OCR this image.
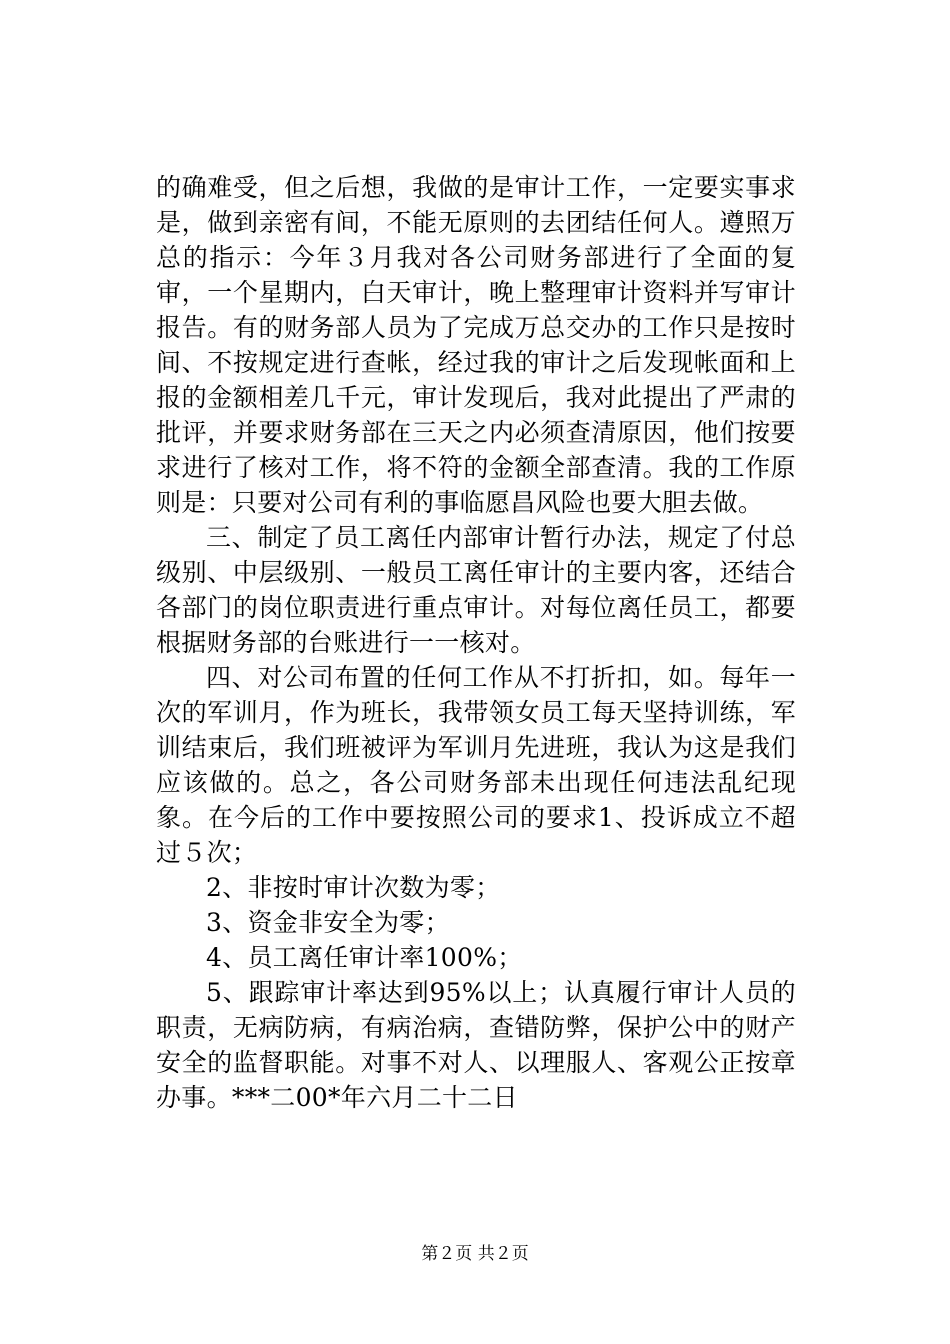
的确难受，但之后想，我做的是审计工作，一定要实事求是，做到亲密有间，不能无原则的去团结任何人。遵照万总的指示：今年３月我对各公司财务部进行了全面的复审，一个星期内，白天审计，晚上整理审计资料并写审计报告。有的财务部人员为了完成万总交办的工作只是按时间、不按规定进行查帐，经过我的审计之后发现帐面和上报的金额相差几千元，审计发现后，我对此提出了严肃的批评，并要求财务部在三天之内必须查清原因，他们按要求进行了核对工作，将不符的金额全部查清。我的工作原则是：只要对公司有利的事临愿昌风险也要大胆去做。

三、制定了员工离任内部审计暂行办法，规定了付总级别、中层级别、一般员工离任审计的主要内客，还结合各部门的岗位职责进行重点审计。对每位离任员工，都要根据财务部的台账进行一一核对。

四、对公司布置的任何工作从不打折扣，如。每年一次的军训月，作为班长，我带领女员工每天坚持训练，军训结束后，我们班被评为军训月先进班，我认为这是我们应该做的。总之，各公司财务部未出现任何违法乱纪现象。在今后的工作中要按照公司的要求1、投诉成立不超过５次；

2、非按时审计次数为零；

3、资金非安全为零；

4、员工离任审计率100%；

5、跟踪审计率达到95%以上；认真履行审计人员的职责，无病防病，有病治病，查错防弊，保护公中的财产安全的监督职能。对事不对人、以理服人、客观公正按章办事。***二00*年六月二十二日

第２页 共２页
